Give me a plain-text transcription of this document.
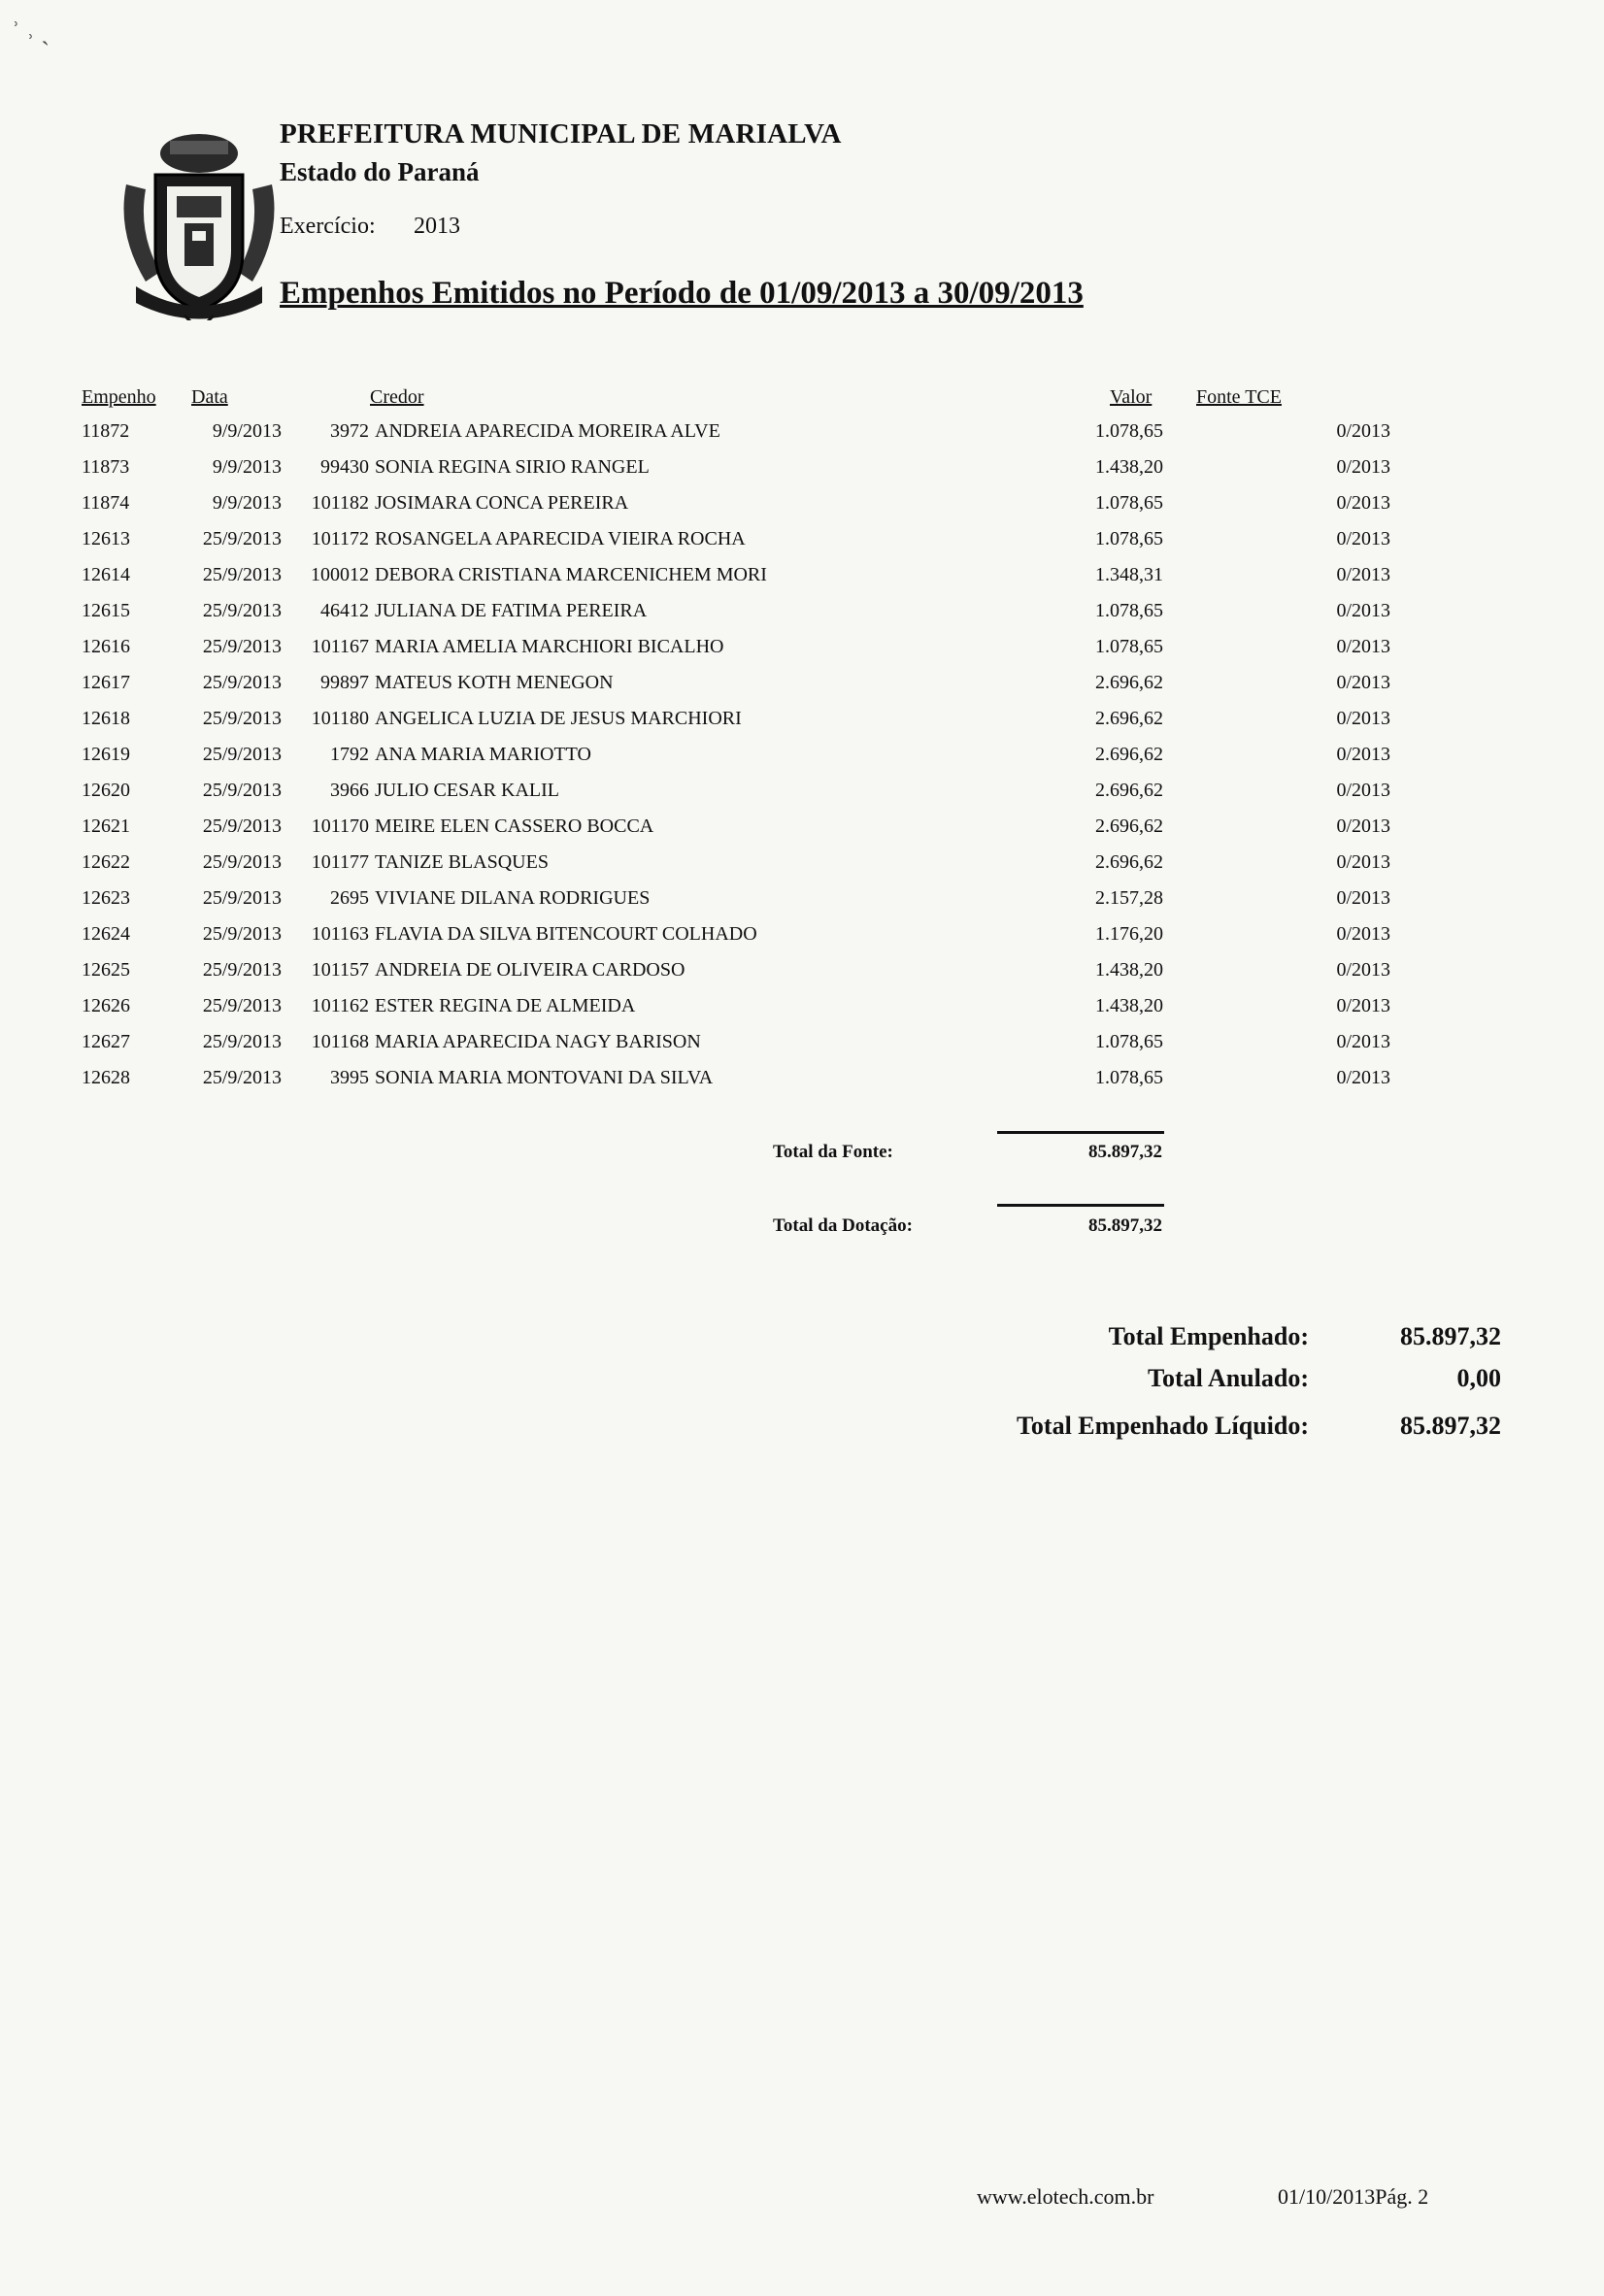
ʾ ˒ ˎ
PREFEITURA MUNICIPAL DE MARIALVA
Estado do Paraná
Exercício: 2013
Empenhos Emitidos no Período de 01/09/2013 a 30/09/2013
Empenho Data	Credor	Valor Fonte TCE
11872	9/9/2013	3972 ANDREIA APARECIDA MOREIRA ALVE	1.078,65	0/2013
11873	9/9/2013	99430 SONIA REGINA SIRIO RANGEL	1.438,20	0/2013
11874	9/9/2013	101182 JOSIMARA CONCA PEREIRA	1.078,65	0/2013
12613	25/9/2013	101172 ROSANGELA APARECIDA VIEIRA ROCHA	1.078,65	0/2013
12614	25/9/2013	100012 DEBORA CRISTIANA MARCENICHEM MORI	1.348,31	0/2013
12615	25/9/2013	46412 JULIANA DE FATIMA PEREIRA	1.078,65	0/2013
12616	25/9/2013	101167 MARIA AMELIA MARCHIORI BICALHO	1.078,65	0/2013
12617	25/9/2013	99897 MATEUS KOTH MENEGON	2.696,62	0/2013
12618	25/9/2013	101180 ANGELICA LUZIA DE JESUS MARCHIORI	2.696,62	0/2013
12619	25/9/2013	1792 ANA MARIA MARIOTTO	2.696,62	0/2013
12620	25/9/2013	3966 JULIO CESAR KALIL	2.696,62	0/2013
12621	25/9/2013	101170 MEIRE ELEN CASSERO BOCCA	2.696,62	0/2013
12622	25/9/2013	101177 TANIZE BLASQUES	2.696,62	0/2013
12623	25/9/2013	2695 VIVIANE DILANA RODRIGUES	2.157,28	0/2013
12624	25/9/2013	101163 FLAVIA DA SILVA BITENCOURT COLHADO	1.176,20	0/2013
12625	25/9/2013	101157 ANDREIA DE OLIVEIRA CARDOSO	1.438,20	0/2013
12626	25/9/2013	101162 ESTER REGINA DE ALMEIDA	1.438,20	0/2013
12627	25/9/2013	101168 MARIA APARECIDA NAGY BARISON	1.078,65	0/2013
12628	25/9/2013	3995 SONIA MARIA MONTOVANI DA SILVA	1.078,65	0/2013
Total da Fonte:	85.897,32
Total da Dotação:	85.897,32
Total Empenhado:	85.897,32
Total Anulado:	0,00
Total Empenhado Líquido:	85.897,32
www.elotech.com.br	01/10/2013Pág. 2
